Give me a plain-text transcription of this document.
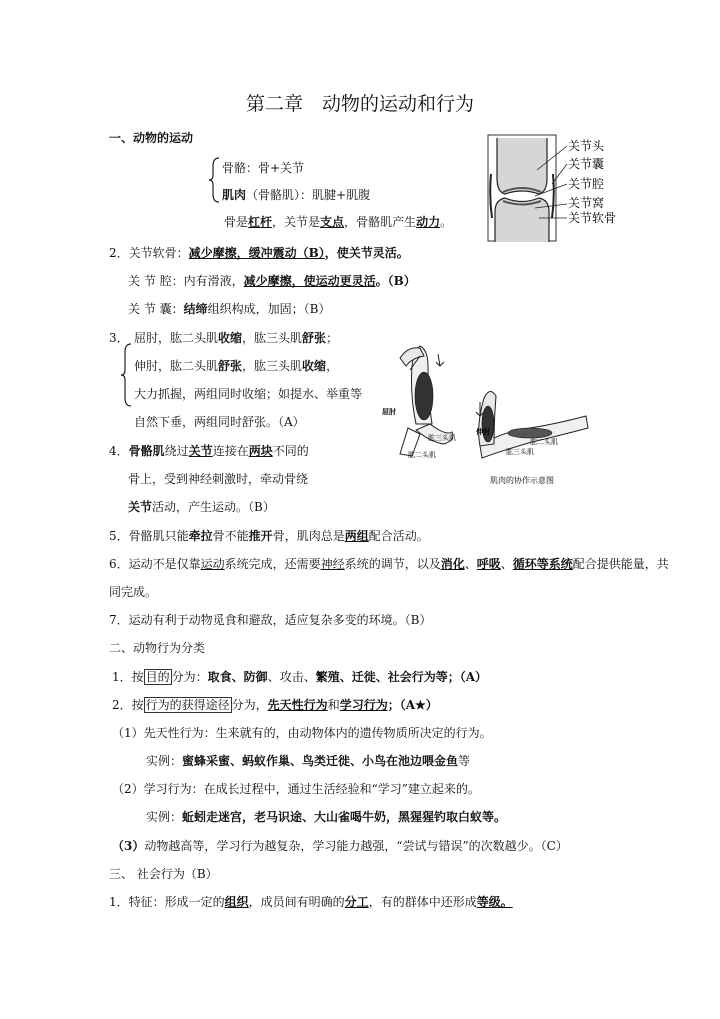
第二章　动物的运动和行为
一、动物的运动
骨骼：骨+关节
肌肉（骨骼肌）：肌腱+肌腹
骨是杠杆，关节是支点，骨骼肌产生动力。
关节头
关节囊
关节腔
关节窝
关节软骨
2．关节软骨：减少摩擦，缓冲震动（B），使关节灵活。
关 节 腔：内有滑液，减少摩擦，使运动更灵活。（B）
关 节 囊：结缔组织构成，加固；（B）
3． 屈肘，肱二头肌收缩，肱三头肌舒张；
伸肘，肱二头肌舒张，肱三头肌收缩，
大力抓握，两组同时收缩；如提水、举重等
自然下垂，两组同时舒张。（A）
屈肘
肱三头肌
肱二头肌
伸肘
肱二头肌
肱三头肌
肌肉的协作示意图
4．骨骼肌绕过关节连接在两块不同的
骨上，受到神经刺激时，牵动骨绕
关节活动，产生运动。（B）
5．骨骼肌只能牵拉骨不能推开骨，肌肉总是两组配合活动。
6．运动不是仅靠运动系统完成，还需要神经系统的调节，以及消化、呼吸、循环等系统配合提供能量，共
同完成。
7．运动有利于动物觅食和避敌，适应复杂多变的环境。（B）
二、动物行为分类
1．按 目的 分为：取食、防御、攻击、繁殖、迁徙、社会行为等；（A）
2．按 行为的获得途径 分为，先天性行为和学习行为；（A★）
（1）先天性行为：生来就有的，由动物体内的遗传物质所决定的行为。
实例：蜜蜂采蜜、蚂蚁作巢、鸟类迁徙、小鸟在池边喂金鱼等
（2）学习行为：在成长过程中，通过生活经验和“学习”建立起来的。
实例：蚯蚓走迷宫，老马识途、大山雀喝牛奶，黑猩猩钓取白蚁等。
（3）动物越高等，学习行为越复杂，学习能力越强，“尝试与错误”的次数越少。（C）
三、 社会行为（B）
1．特征：形成一定的组织，成员间有明确的分工，有的群体中还形成等级。
